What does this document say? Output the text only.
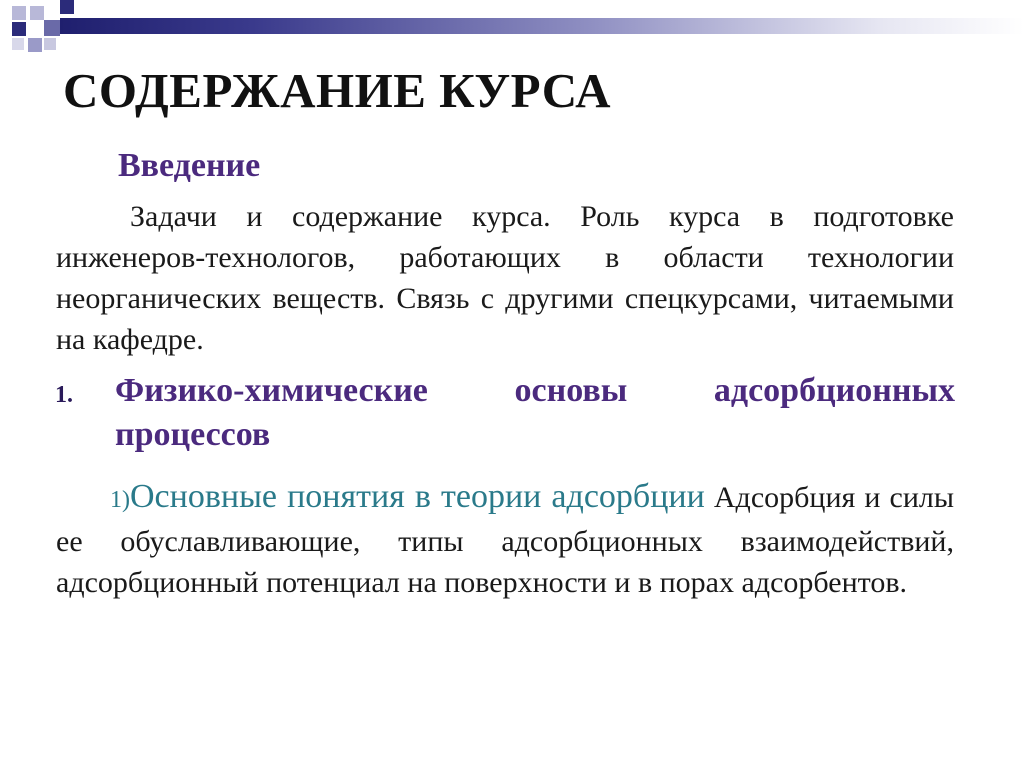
СОДЕРЖАНИЕ КУРСА
Введение

Задачи и содержание курса. Роль курса в подготовке инженеров-технологов, работающих в области технологии неорганических веществ. Связь с другими спецкурсами, читаемыми на кафедре.

1. Физико-химические основы адсорбционных процессов

1)Основные понятия в теории адсорбции Адсорбция и силы ее обуславливающие, типы адсорбционных взаимодействий, адсорбционный потенциал на поверхности и в порах адсорбентов.
